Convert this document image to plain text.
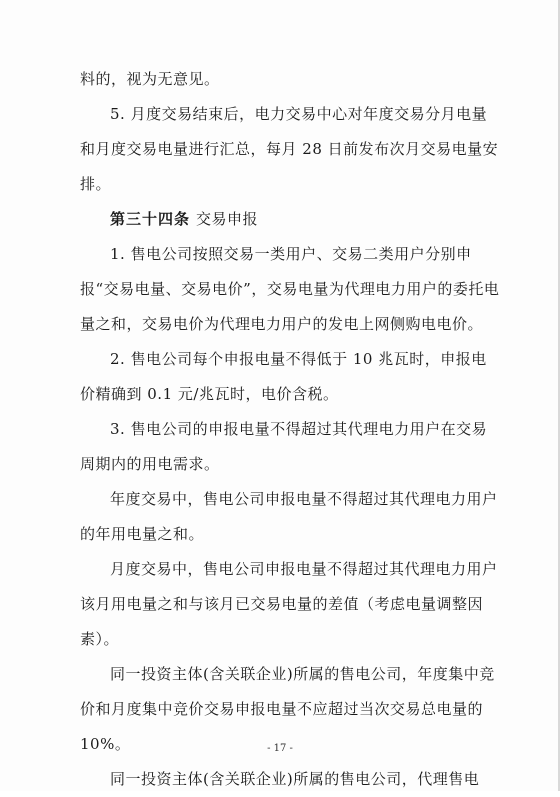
料的，视为无意见。

5. 月度交易结束后，电力交易中心对年度交易分月电量和月度交易电量进行汇总，每月 28 日前发布次月交易电量安排。

第三十四条 交易申报

1. 售电公司按照交易一类用户、交易二类用户分别申报“交易电量、交易电价”，交易电量为代理电力用户的委托电量之和，交易电价为代理电力用户的发电上网侧购电电价。

2. 售电公司每个申报电量不得低于 10 兆瓦时，申报电价精确到 0.1 元/兆瓦时，电价含税。

3. 售电公司的申报电量不得超过其代理电力用户在交易周期内的用电需求。

年度交易中，售电公司申报电量不得超过其代理电力用户的年用电量之和。

月度交易中，售电公司申报电量不得超过其代理电力用户该月用电量之和与该月已交易电量的差值（考虑电量调整因素）。

同一投资主体(含关联企业)所属的售电公司，年度集中竞价和月度集中竞价交易申报电量不应超过当次交易总电量的 10%。

同一投资主体(含关联企业)所属的售电公司，代理售电

- 17 -
